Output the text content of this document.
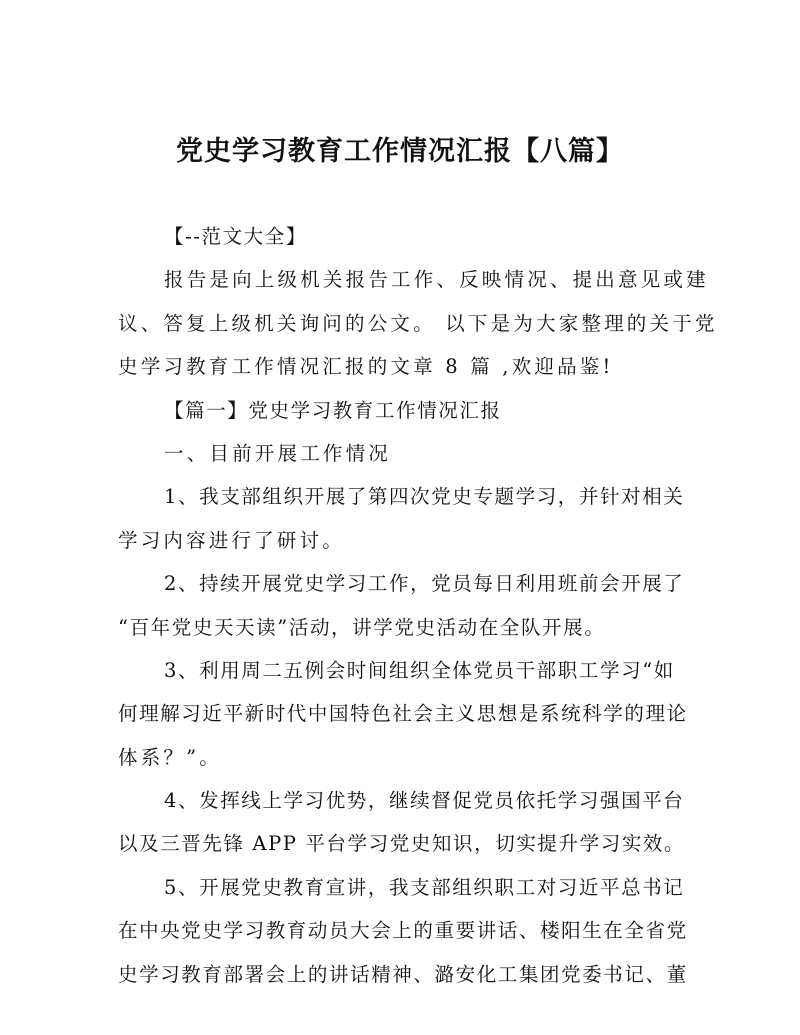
党史学习教育工作情况汇报【八篇】
【--范文大全】
报告是向上级机关报告工作、反映情况、提出意见或建
议、答复上级机关询问的公文。 以下是为大家整理的关于党
史学习教育工作情况汇报的文章 8 篇 ,欢迎品鉴!
【篇一】党史学习教育工作情况汇报
一、目前开展工作情况
1、我支部组织开展了第四次党史专题学习，并针对相关
学习内容进行了研讨。
2、持续开展党史学习工作，党员每日利用班前会开展了
“百年党史天天读”活动，讲学党史活动在全队开展。
3、利用周二五例会时间组织全体党员干部职工学习“如
何理解习近平新时代中国特色社会主义思想是系统科学的理论
体系？”。
4、发挥线上学习优势，继续督促党员依托学习强国平台
以及三晋先锋 APP 平台学习党史知识，切实提升学习实效。
5、开展党史教育宣讲，我支部组织职工对习近平总书记
在中央党史学习教育动员大会上的重要讲话、楼阳生在全省党
史学习教育部署会上的讲话精神、潞安化工集团党委书记、董
